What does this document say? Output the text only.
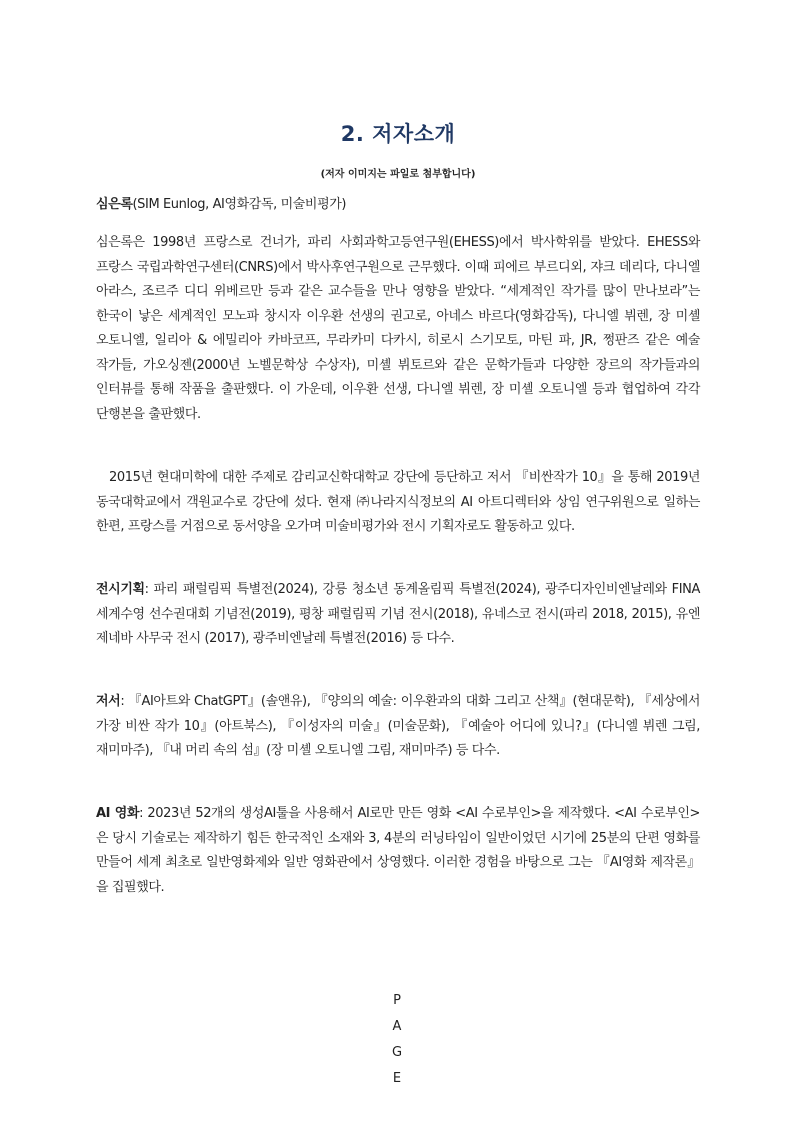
2. 저자소개
(저자 이미지는 파일로 첨부합니다)
심은록(SIM Eunlog, AI영화감독, 미술비평가)
심은록은 1998년 프랑스로 건너가, 파리 사회과학고등연구원(EHESS)에서 박사학위를 받았다. EHESS와 프랑스 국립과학연구센터(CNRS)에서 박사후연구원으로 근무했다. 이때 피에르 부르디외, 쟈크 데리다, 다니엘 아라스, 조르주 디디 위베르만 등과 같은 교수들을 만나 영향을 받았다. “세계적인 작가를 많이 만나보라”는 한국이 낳은 세계적인 모노파 창시자 이우환 선생의 권고로, 아네스 바르다(영화감독), 다니엘 뷔렌, 장 미셸 오토니엘, 일리아 & 에밀리아 카바코프, 무라카미 다카시, 히로시 스기모토, 마틴 파, JR, 쩡판즈 같은 예술 작가들, 가오싱젠(2000년 노벨문학상 수상자), 미셸 뷔토르와 같은 문학가들과 다양한 장르의 작가들과의 인터뷰를 통해 작품을 출판했다. 이 가운데, 이우환 선생, 다니엘 뷔렌, 장 미셸 오토니엘 등과 협업하여 각각 단행본을 출판했다.
2015년 현대미학에 대한 주제로 감리교신학대학교 강단에 등단하고 저서 『비싼작가 10』을 통해 2019년 동국대학교에서 객원교수로 강단에 섰다. 현재 ㈜나라지식정보의 AI 아트디렉터와 상임 연구위원으로 일하는 한편, 프랑스를 거점으로 동서양을 오가며 미술비평가와 전시 기획자로도 활동하고 있다.
전시기획: 파리 패럴림픽 특별전(2024), 강릉 청소년 동계올림픽 특별전(2024), 광주디자인비엔날레와 FINA 세계수영 선수권대회 기념전(2019), 평창 패럴림픽 기념 전시(2018), 유네스코 전시(파리 2018, 2015), 유엔 제네바 사무국 전시 (2017), 광주비엔날레 특별전(2016) 등 다수.
저서: 『AI아트와 ChatGPT』(솔앤유), 『양의의 예술: 이우환과의 대화 그리고 산책』(현대문학), 『세상에서 가장 비싼 작가 10』(아트북스), 『이성자의 미술』(미술문화), 『예술아 어디에 있니?』(다니엘 뷔렌 그림, 재미마주), 『내 머리 속의 섬』(장 미셸 오토니엘 그림, 재미마주) 등 다수.
AI 영화: 2023년 52개의 생성AI툴을 사용해서 AI로만 만든 영화 <AI 수로부인>을 제작했다. <AI 수로부인>은 당시 기술로는 제작하기 힘든 한국적인 소재와 3, 4분의 러닝타임이 일반이었던 시기에 25분의 단편 영화를 만들어 세계 최초로 일반영화제와 일반 영화관에서 상영했다. 이러한 경험을 바탕으로 그는 『AI영화 제작론』을 집필했다.
P
A
G
E
